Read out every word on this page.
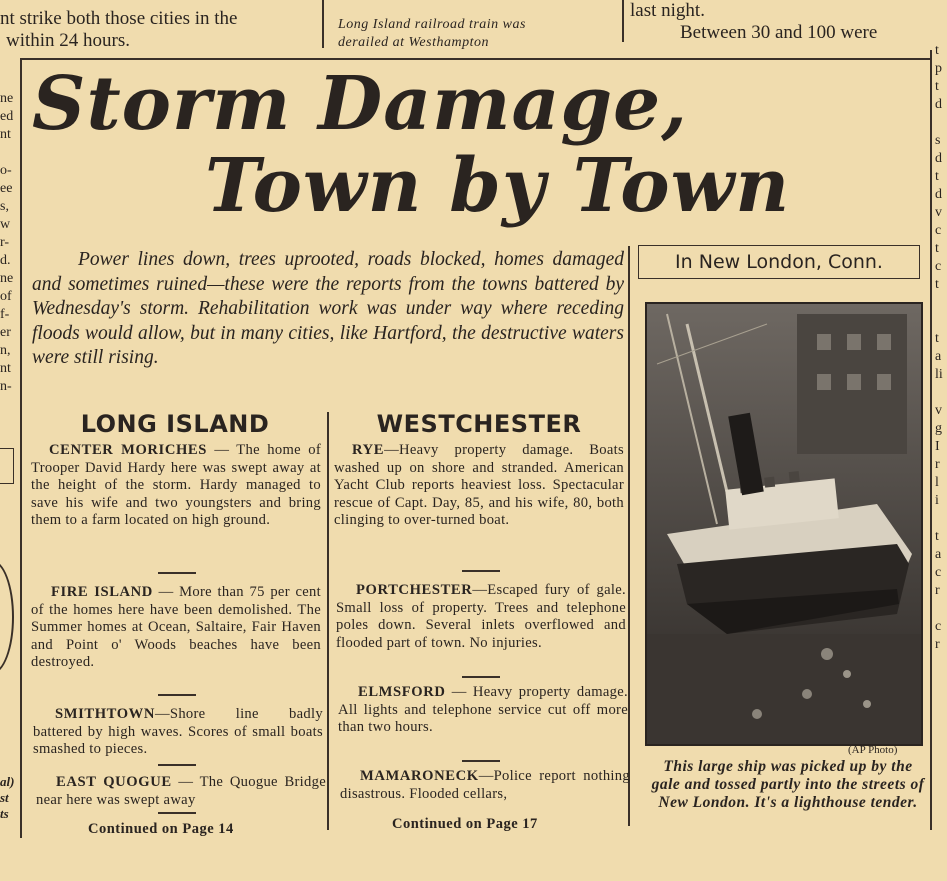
nt strike both those cities in the
within 24 hours.
Long Island railroad train was
derailed at Westhampton
last night.
Between 30 and 100 were
Storm Damage,
Town by Town
Power lines down, trees uprooted, roads blocked, homes damaged and sometimes ruined—these were the reports from the towns battered by Wednesday's storm. Rehabilitation work was under way where receding floods would allow, but in many cities, like Hartford, the destructive waters were still rising.
LONG ISLAND
CENTER MORICHES — The home of Trooper David Hardy here was swept away at the height of the storm. Hardy managed to save his wife and two youngsters and bring them to a farm located on high ground.
FIRE ISLAND — More than 75 per cent of the homes here have been demolished. The Summer homes at Ocean, Saltaire, Fair Haven and Point o' Woods beaches have been destroyed.
SMITHTOWN—Shore line badly battered by high waves. Scores of small boats smashed to pieces.
EAST QUOGUE — The Quogue Bridge near here was swept away
Continued on Page 14
WESTCHESTER
RYE—Heavy property damage. Boats washed up on shore and stranded. American Yacht Club reports heaviest loss. Spectacular rescue of Capt. Day, 85, and his wife, 80, both clinging to over-turned boat.
PORTCHESTER—Escaped fury of gale. Small loss of property. Trees and telephone poles down. Several inlets overflowed and flooded part of town. No injuries.
ELMSFORD — Heavy property damage. All lights and telephone service cut off more than two hours.
MAMARONECK—Police report nothing disastrous. Flooded cellars,
Continued on Page 17
In New London, Conn.
(AP Photo)
This large ship was picked up by the gale and tossed partly into the streets of New London. It's a lighthouse tender.
ne
ed
nt

o-
ee
s,
w
r-
d.
ne
of
f-
er
n,
nt
n-
al)
st
ts
t
p
t
d

s
d
t
d
v
c
t
c
t

t
a
li

v
g
I
r
l
i

t
a
c
r

c
r
